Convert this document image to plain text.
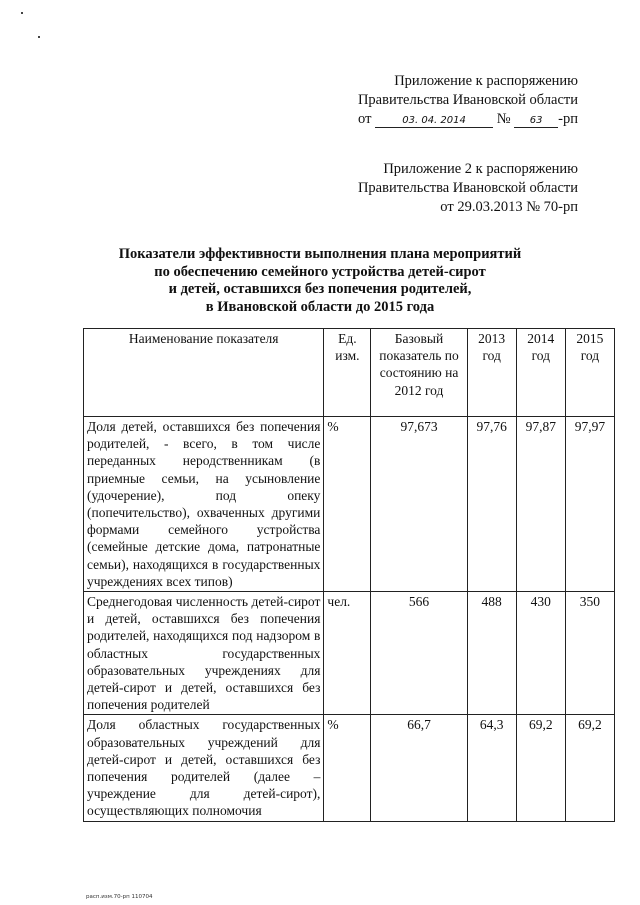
Приложение к распоряжению
Правительства Ивановской области
от	03. 04. 2014 № 63 -рп
Приложение 2 к распоряжению
Правительства Ивановской области
от 29.03.2013 № 70-рп
Показатели эффективности выполнения плана мероприятий
по обеспечению семейного устройства детей-сирот
и детей, оставшихся без попечения родителей,
в Ивановской области до 2015 года
Наименование показателя	Ед. изм.	Базовый показатель по состоянию на 2012 год	2013 год	2014 год	2015 год
Доля детей, оставшихся без попечения родителей, - всего, в том числе переданных неродственникам (в приемные семьи, на усыновление (удочерение), под опеку (попечительство), охваченных другими формами семейного устройства (семейные детские дома, патронатные семьи), находящихся в государственных учреждениях всех типов)	%	97,673	97,76	97,87	97,97
Среднегодовая численность детей-сирот и детей, оставшихся без попечения родителей, находящихся под надзором в областных государственных образовательных учреждениях для детей-сирот и детей, оставшихся без попечения родителей	чел.	566	488	430	350
Доля областных государственных образовательных учреждений для детей-сирот и детей, оставшихся без попечения родителей (далее – учреждение для детей-сирот), осуществляющих полномочия	%	66,7	64,3	69,2	69,2
расп.изм.70-рп 110704
